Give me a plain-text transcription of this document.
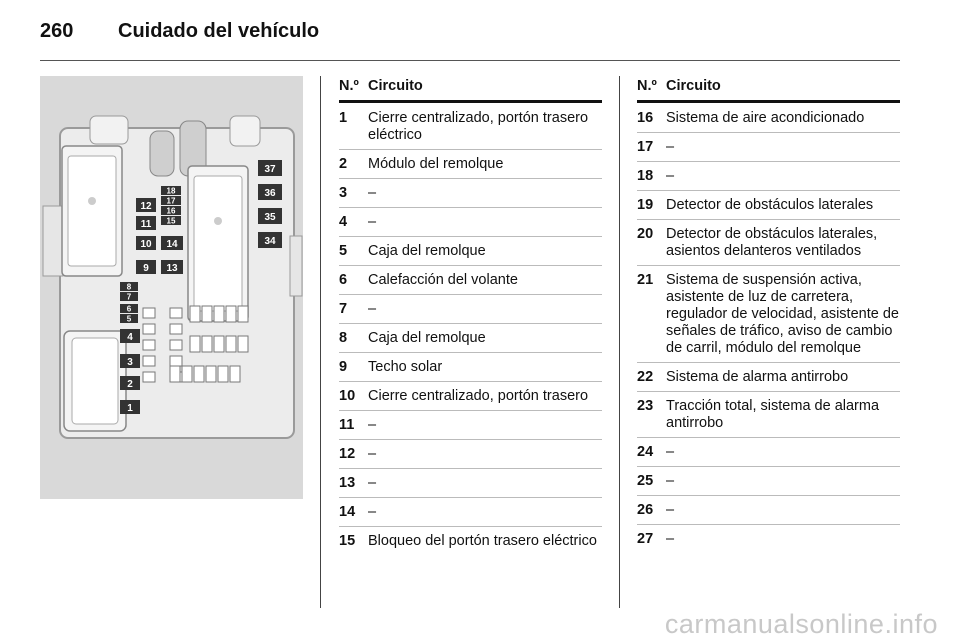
260 Cuidado del vehículo
37
36
35
34
18
17
16
15
12
11
10
9
14
13
8
7
6
5
4
3
2
1
N.º Circuito
1	Cierre centralizado, portón trasero eléctrico
2	Módulo del remolque
3	–
4	–
5	Caja del remolque
6	Calefacción del volante
7	–
8	Caja del remolque
9	Techo solar
10 Cierre centralizado, portón trasero
11 –
12 –
13 –
14 –
15 Bloqueo del portón trasero eléctrico
N.º Circuito
16 Sistema de aire acondicionado
17 –
18 –
19 Detector de obstáculos laterales
20 Detector de obstáculos laterales, asientos delanteros ventilados
21 Sistema de suspensión activa, asistente de luz de carretera, regulador de velocidad, asistente de señales de tráfico, aviso de cambio de carril, módulo del remolque
22 Sistema de alarma antirrobo
23 Tracción total, sistema de alarma antirrobo
24 –
25 –
26 –
27 –
carmanualsonline.info
